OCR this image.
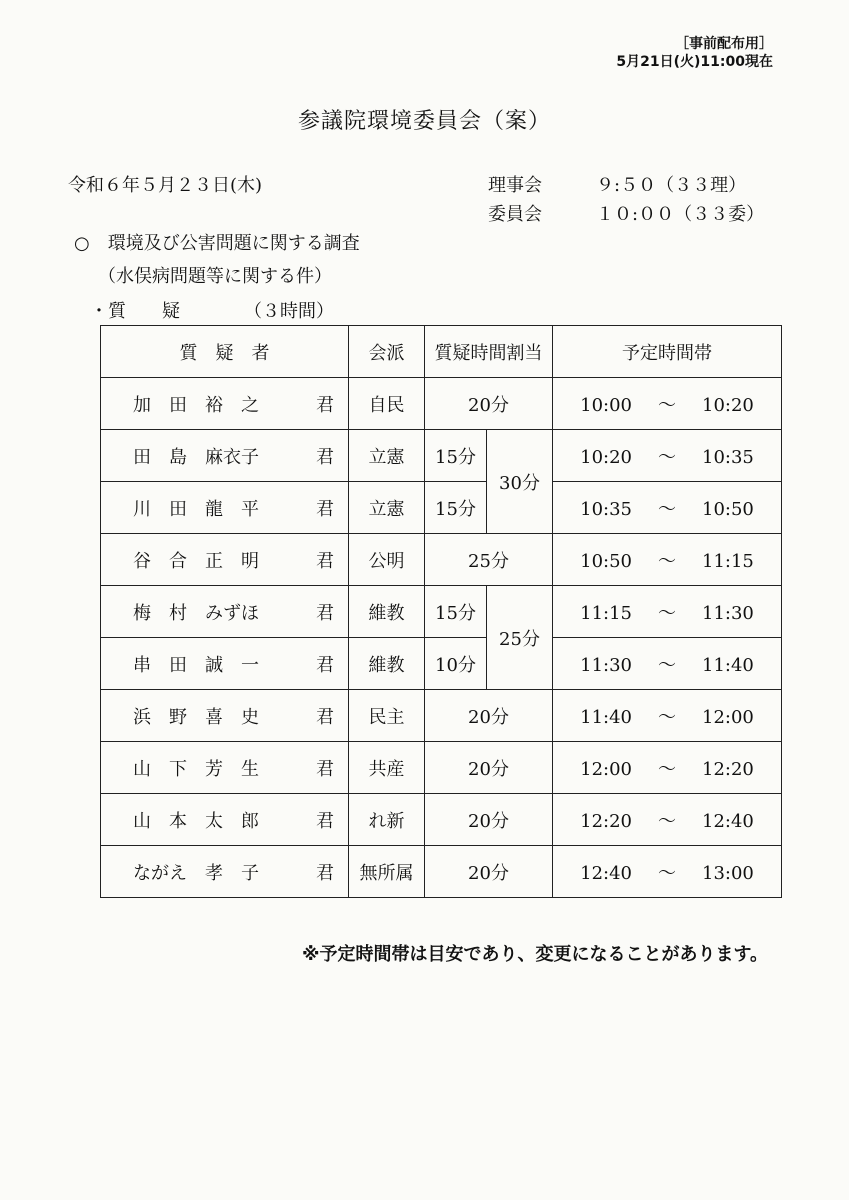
［事前配布用］
5月21日(火)11:00現在
参議院環境委員会（案）
令和６年５月２３日(木)	理事会	９:５０（３３理）
委員会	１０:００（３３委）
○　環境及び公害問題に関する調査
（水俣病問題等に関する件）
・質　　疑	（３時間）
質　疑　者	会派	質疑時間割当		予定時間帯
加　田　裕　之 君	自民	20分		10:00 ～ 10:20
田　島　麻衣子 君	立憲	15分	30分	10:20 ～ 10:35
川　田　龍　平 君	立憲	15分		10:35 ～ 10:50
谷　合　正　明 君	公明	25分		10:50 ～ 11:15
梅　村　みずほ 君	維教	15分	25分	11:15 ～ 11:30
串　田　誠　一 君	維教	10分		11:30 ～ 11:40
浜　野　喜　史 君	民主	20分		11:40 ～ 12:00
山　下　芳　生 君	共産	20分		12:00 ～ 12:20
山　本　太　郎 君	れ新	20分		12:20 ～ 12:40
ながえ　孝　子 君	無所属	20分		12:40 ～ 13:00
※予定時間帯は目安であり、変更になることがあります。
